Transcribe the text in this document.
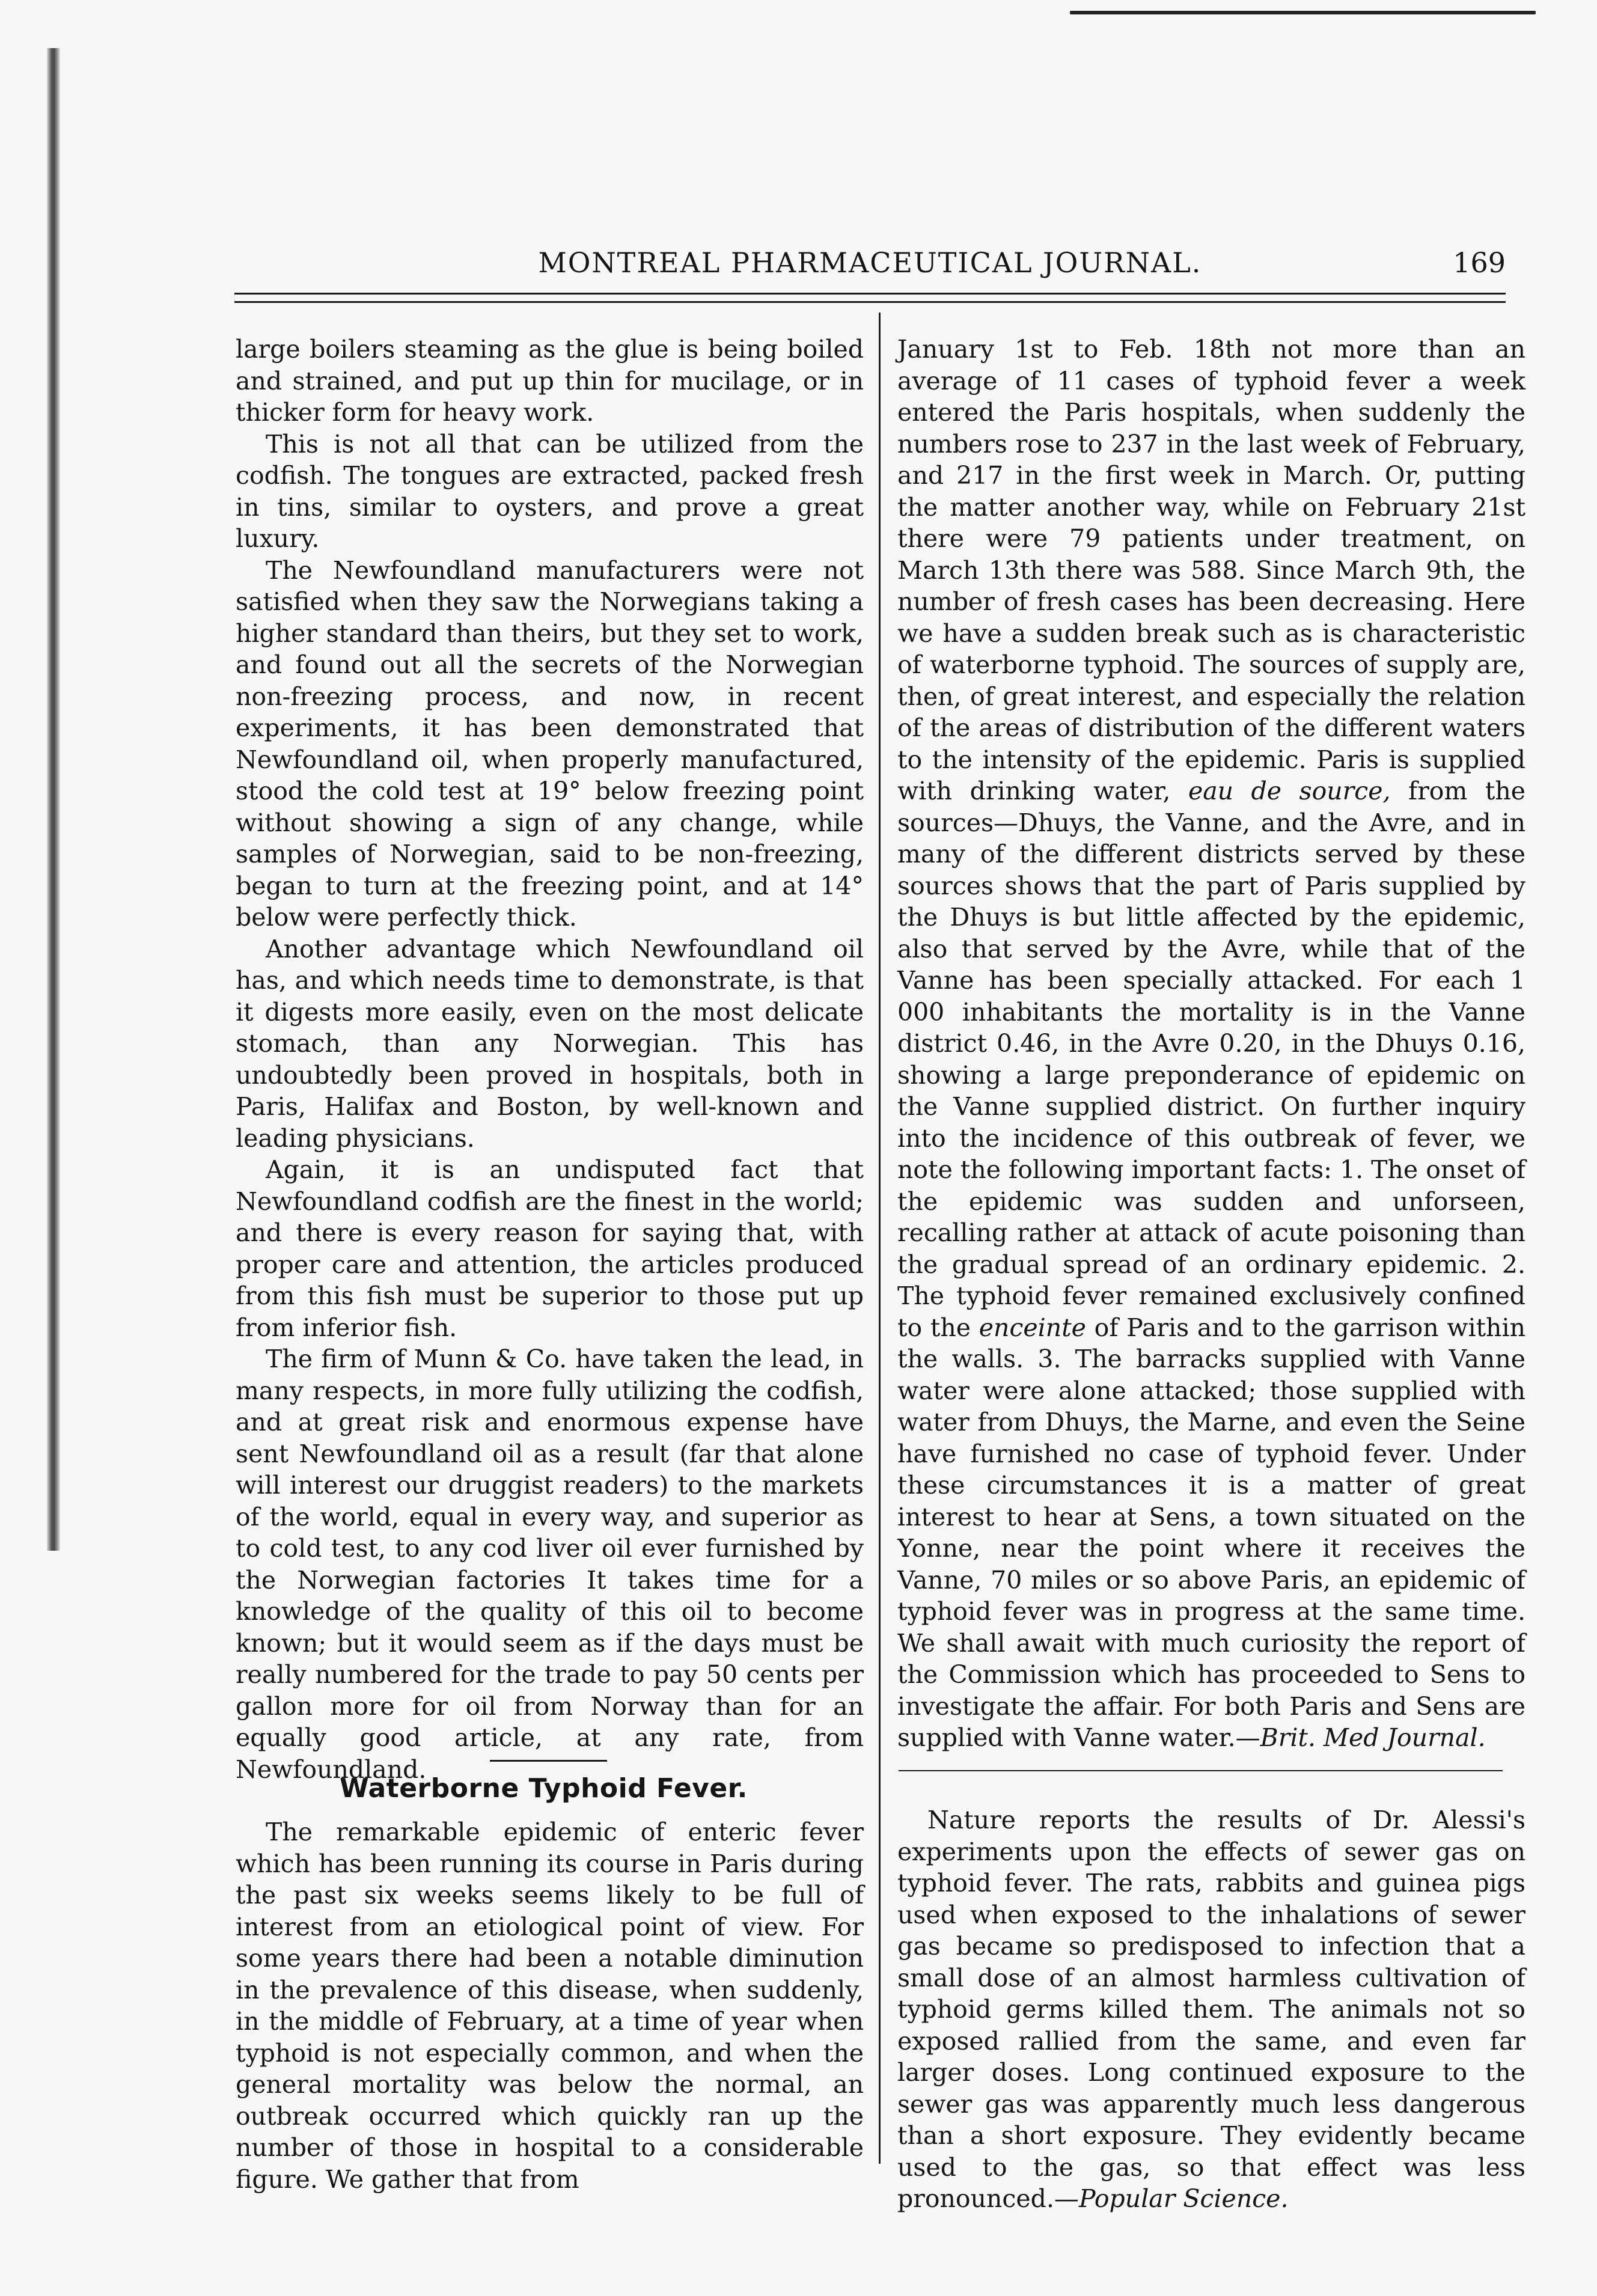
MONTREAL PHARMACEUTICAL JOURNAL.	169

large boilers steaming as the glue is being boiled and strained, and put up thin for mucilage, or in thicker form for heavy work.

This is not all that can be utilized from the codfish. The tongues are extracted, packed fresh in tins, similar to oysters, and prove a great luxury.

The Newfoundland manufacturers were not satisfied when they saw the Norwegians taking a higher standard than theirs, but they set to work, and found out all the secrets of the Norwegian non-freezing process, and now, in recent experiments, it has been demonstrated that Newfoundland oil, when properly manufactured, stood the cold test at 19° below freezing point without showing a sign of any change, while samples of Norwegian, said to be non-freezing, began to turn at the freezing point, and at 14° below were perfectly thick.

Another advantage which Newfoundland oil has, and which needs time to demonstrate, is that it digests more easily, even on the most delicate stomach, than any Norwegian. This has undoubtedly been proved in hospitals, both in Paris, Halifax and Boston, by well-known and leading physicians.

Again, it is an undisputed fact that Newfoundland codfish are the finest in the world; and there is every reason for saying that, with proper care and attention, the articles produced from this fish must be superior to those put up from inferior fish.

The firm of Munn & Co. have taken the lead, in many respects, in more fully utilizing the codfish, and at great risk and enormous expense have sent Newfoundland oil as a result (far that alone will interest our druggist readers) to the markets of the world, equal in every way, and superior as to cold test, to any cod liver oil ever furnished by the Norwegian factories It takes time for a knowledge of the quality of this oil to become known; but it would seem as if the days must be really numbered for the trade to pay 50 cents per gallon more for oil from Norway than for an equally good article, at any rate, from Newfoundland.

January 1st to Feb. 18th not more than an average of 11 cases of typhoid fever a week entered the Paris hospitals, when suddenly the numbers rose to 237 in the last week of February, and 217 in the first week in March. Or, putting the matter another way, while on February 21st there were 79 patients under treatment, on March 13th there was 588. Since March 9th, the number of fresh cases has been decreasing. Here we have a sudden break such as is characteristic of waterborne typhoid. The sources of supply are, then, of great interest, and especially the relation of the areas of distribution of the different waters to the intensity of the epidemic. Paris is supplied with drinking water, eau de source, from the sources—Dhuys, the Vanne, and the Avre, and in many of the different districts served by these sources shows that the part of Paris supplied by the Dhuys is but little affected by the epidemic, also that served by the Avre, while that of the Vanne has been specially attacked. For each 1 000 inhabitants the mortality is in the Vanne district 0.46, in the Avre 0.20, in the Dhuys 0.16, showing a large preponderance of epidemic on the Vanne supplied district. On further inquiry into the incidence of this outbreak of fever, we note the following important facts: 1. The onset of the epidemic was sudden and unforseen, recalling rather at attack of acute poisoning than the gradual spread of an ordinary epidemic. 2. The typhoid fever remained exclusively confined to the enceinte of Paris and to the garrison within the walls. 3. The barracks supplied with Vanne water were alone attacked; those supplied with water from Dhuys, the Marne, and even the Seine have furnished no case of typhoid fever. Under these circumstances it is a matter of great interest to hear at Sens, a town situated on the Yonne, near the point where it receives the Vanne, 70 miles or so above Paris, an epidemic of typhoid fever was in progress at the same time. We shall await with much curiosity the report of the Commission which has proceeded to Sens to investigate the affair. For both Paris and Sens are supplied with Vanne water.—Brit. Med Journal.

Waterborne Typhoid Fever.

The remarkable epidemic of enteric fever which has been running its course in Paris during the past six weeks seems likely to be full of interest from an etiological point of view. For some years there had been a notable diminution in the prevalence of this disease, when suddenly, in the middle of February, at a time of year when typhoid is not especially common, and when the general mortality was below the normal, an outbreak occurred which quickly ran up the number of those in hospital to a considerable figure. We gather that from

Nature reports the results of Dr. Alessi's experiments upon the effects of sewer gas on typhoid fever. The rats, rabbits and guinea pigs used when exposed to the inhalations of sewer gas became so predisposed to infection that a small dose of an almost harmless cultivation of typhoid germs killed them. The animals not so exposed rallied from the same, and even far larger doses. Long continued exposure to the sewer gas was apparently much less dangerous than a short exposure. They evidently became used to the gas, so that effect was less pronounced.—Popular Science.
